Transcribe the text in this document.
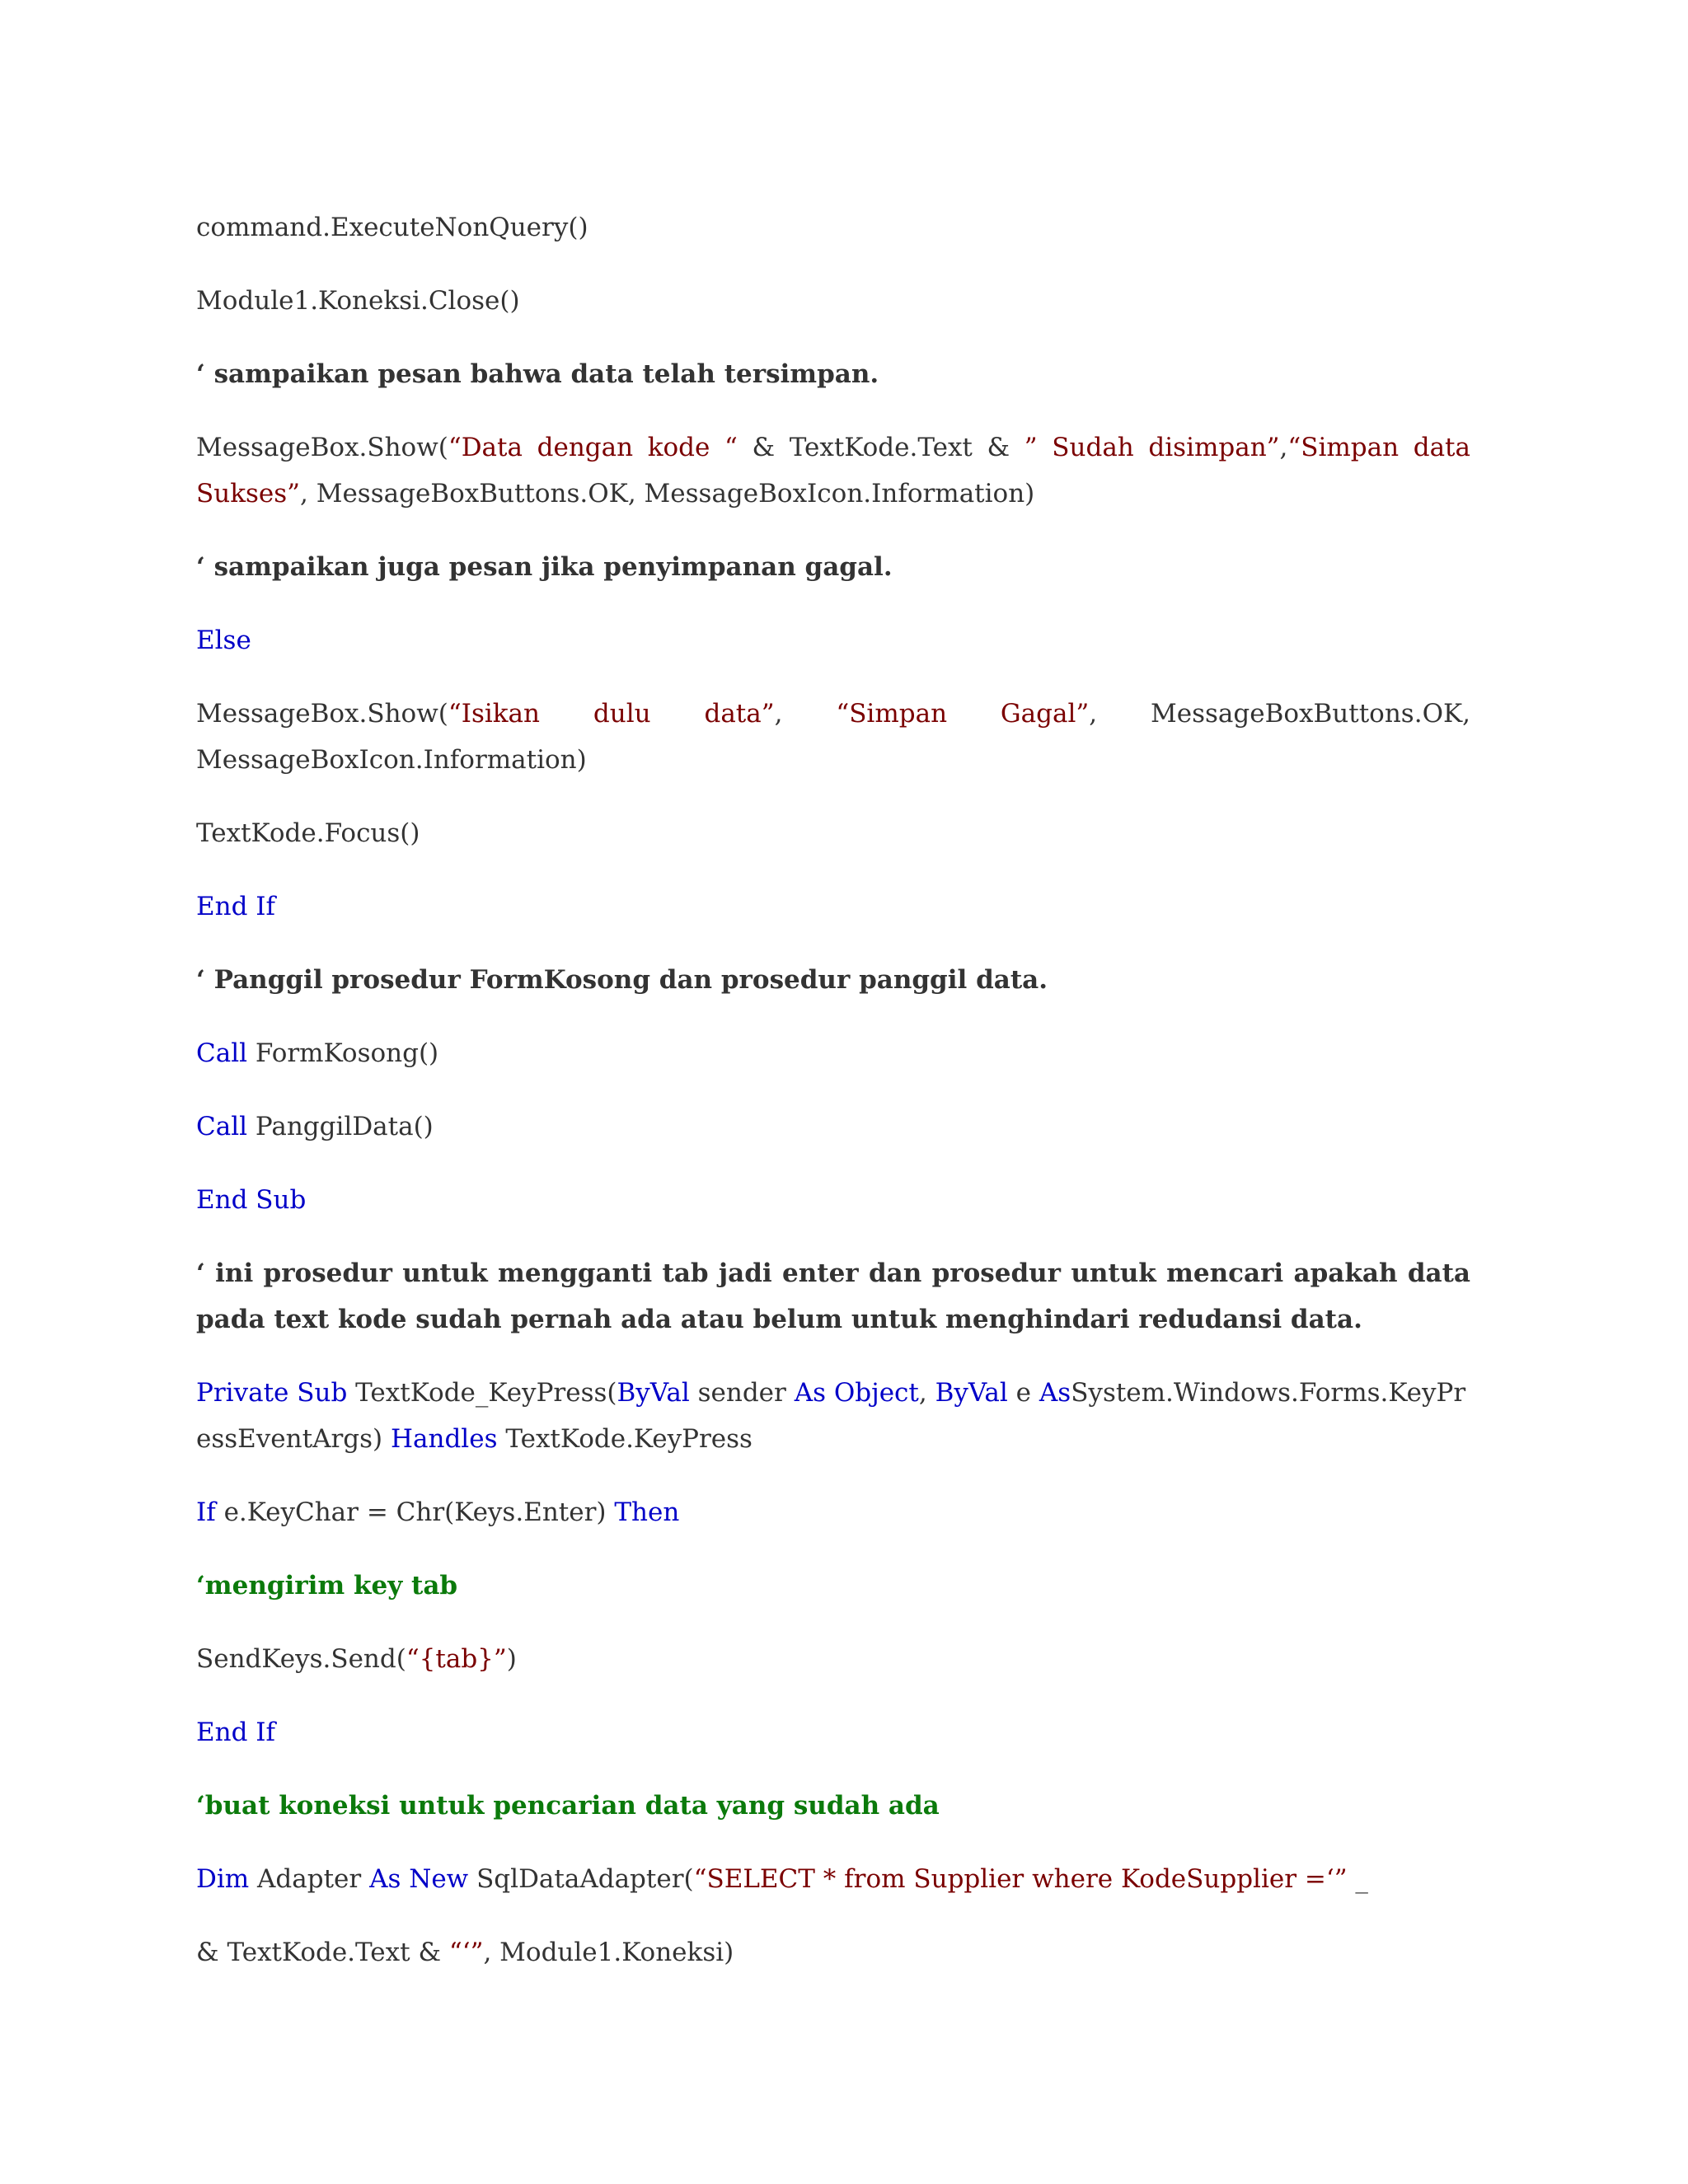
command.ExecuteNonQuery()

Module1.Koneksi.Close()

‘ sampaikan pesan bahwa data telah tersimpan.

MessageBox.Show(“Data dengan kode “ & TextKode.Text & ” Sudah disimpan”,“Simpan data Sukses”, MessageBoxButtons.OK, MessageBoxIcon.Information)

‘ sampaikan juga pesan jika penyimpanan gagal.

Else

MessageBox.Show(“Isikan dulu data”, “Simpan Gagal”, MessageBoxButtons.OK, MessageBoxIcon.Information)

TextKode.Focus()

End If

‘ Panggil prosedur FormKosong dan prosedur panggil data.

Call FormKosong()

Call PanggilData()

End Sub

‘ ini prosedur untuk mengganti tab jadi enter dan prosedur untuk mencari apakah data pada text kode sudah pernah ada atau belum untuk menghindari redudansi data.

Private Sub TextKode_KeyPress(ByVal sender As Object, ByVal e AsSystem.Windows.Forms.KeyPressEventArgs) Handles TextKode.KeyPress

If e.KeyChar = Chr(Keys.Enter) Then

‘mengirim key tab

SendKeys.Send(“{tab}”)

End If

‘buat koneksi untuk pencarian data yang sudah ada

Dim Adapter As New SqlDataAdapter(“SELECT * from Supplier where KodeSupplier =‘” _

& TextKode.Text & “‘”, Module1.Koneksi)
